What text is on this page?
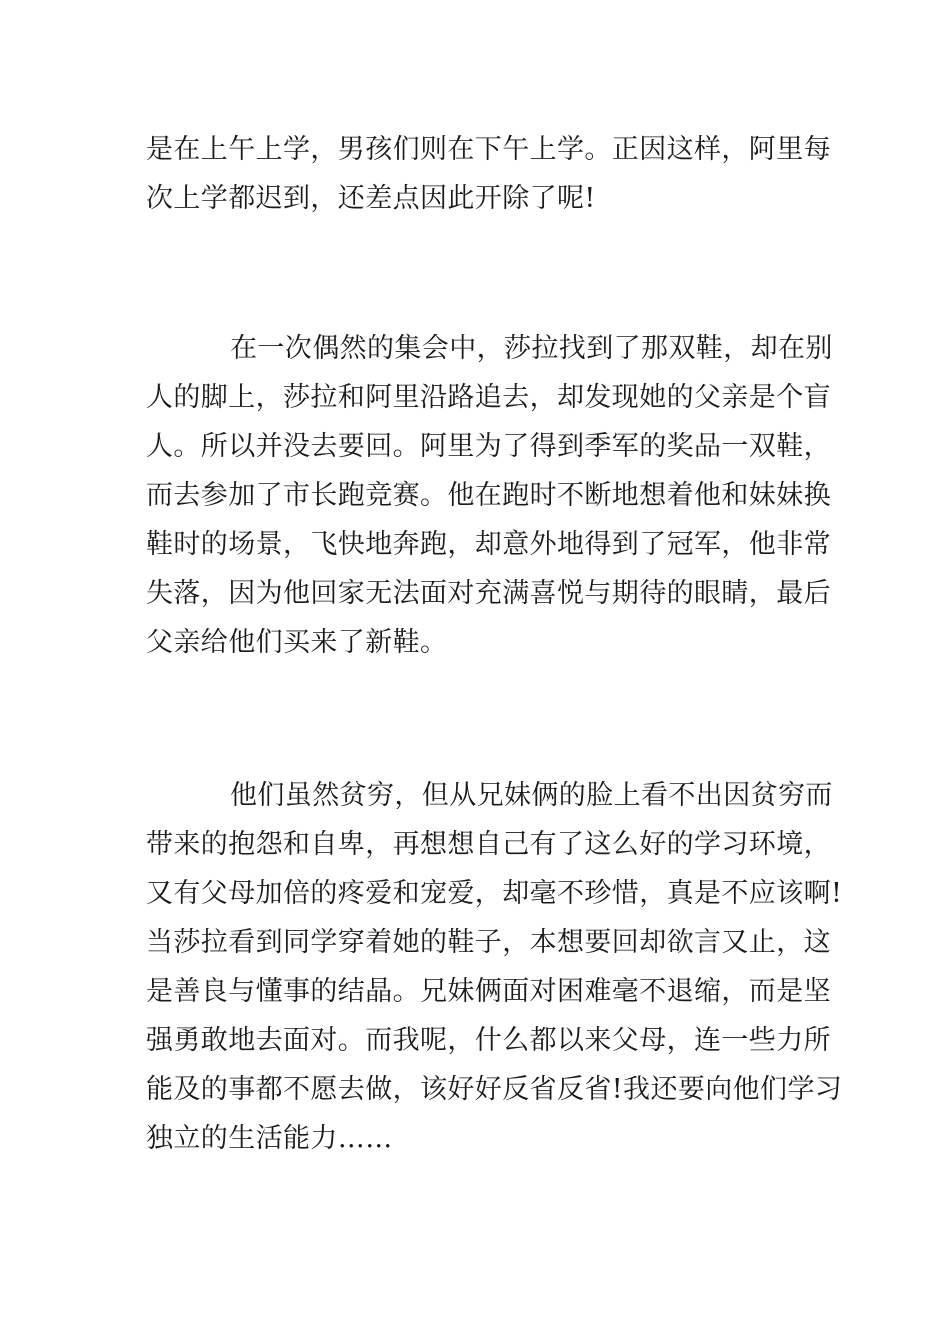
是在上午上学，男孩们则在下午上学。正因这样，阿里每
次上学都迟到，还差点因此开除了呢!
在一次偶然的集会中，莎拉找到了那双鞋，却在别
人的脚上，莎拉和阿里沿路追去，却发现她的父亲是个盲
人。所以并没去要回。阿里为了得到季军的奖品一双鞋，
而去参加了市长跑竞赛。他在跑时不断地想着他和妹妹换
鞋时的场景，飞快地奔跑，却意外地得到了冠军，他非常
失落，因为他回家无法面对充满喜悦与期待的眼睛，最后
父亲给他们买来了新鞋。
他们虽然贫穷，但从兄妹俩的脸上看不出因贫穷而
带来的抱怨和自卑，再想想自己有了这么好的学习环境，
又有父母加倍的疼爱和宠爱，却毫不珍惜，真是不应该啊!
当莎拉看到同学穿着她的鞋子，本想要回却欲言又止，这
是善良与懂事的结晶。兄妹俩面对困难毫不退缩，而是坚
强勇敢地去面对。而我呢，什么都以来父母，连一些力所
能及的事都不愿去做，该好好反省反省!我还要向他们学习
独立的生活能力……
